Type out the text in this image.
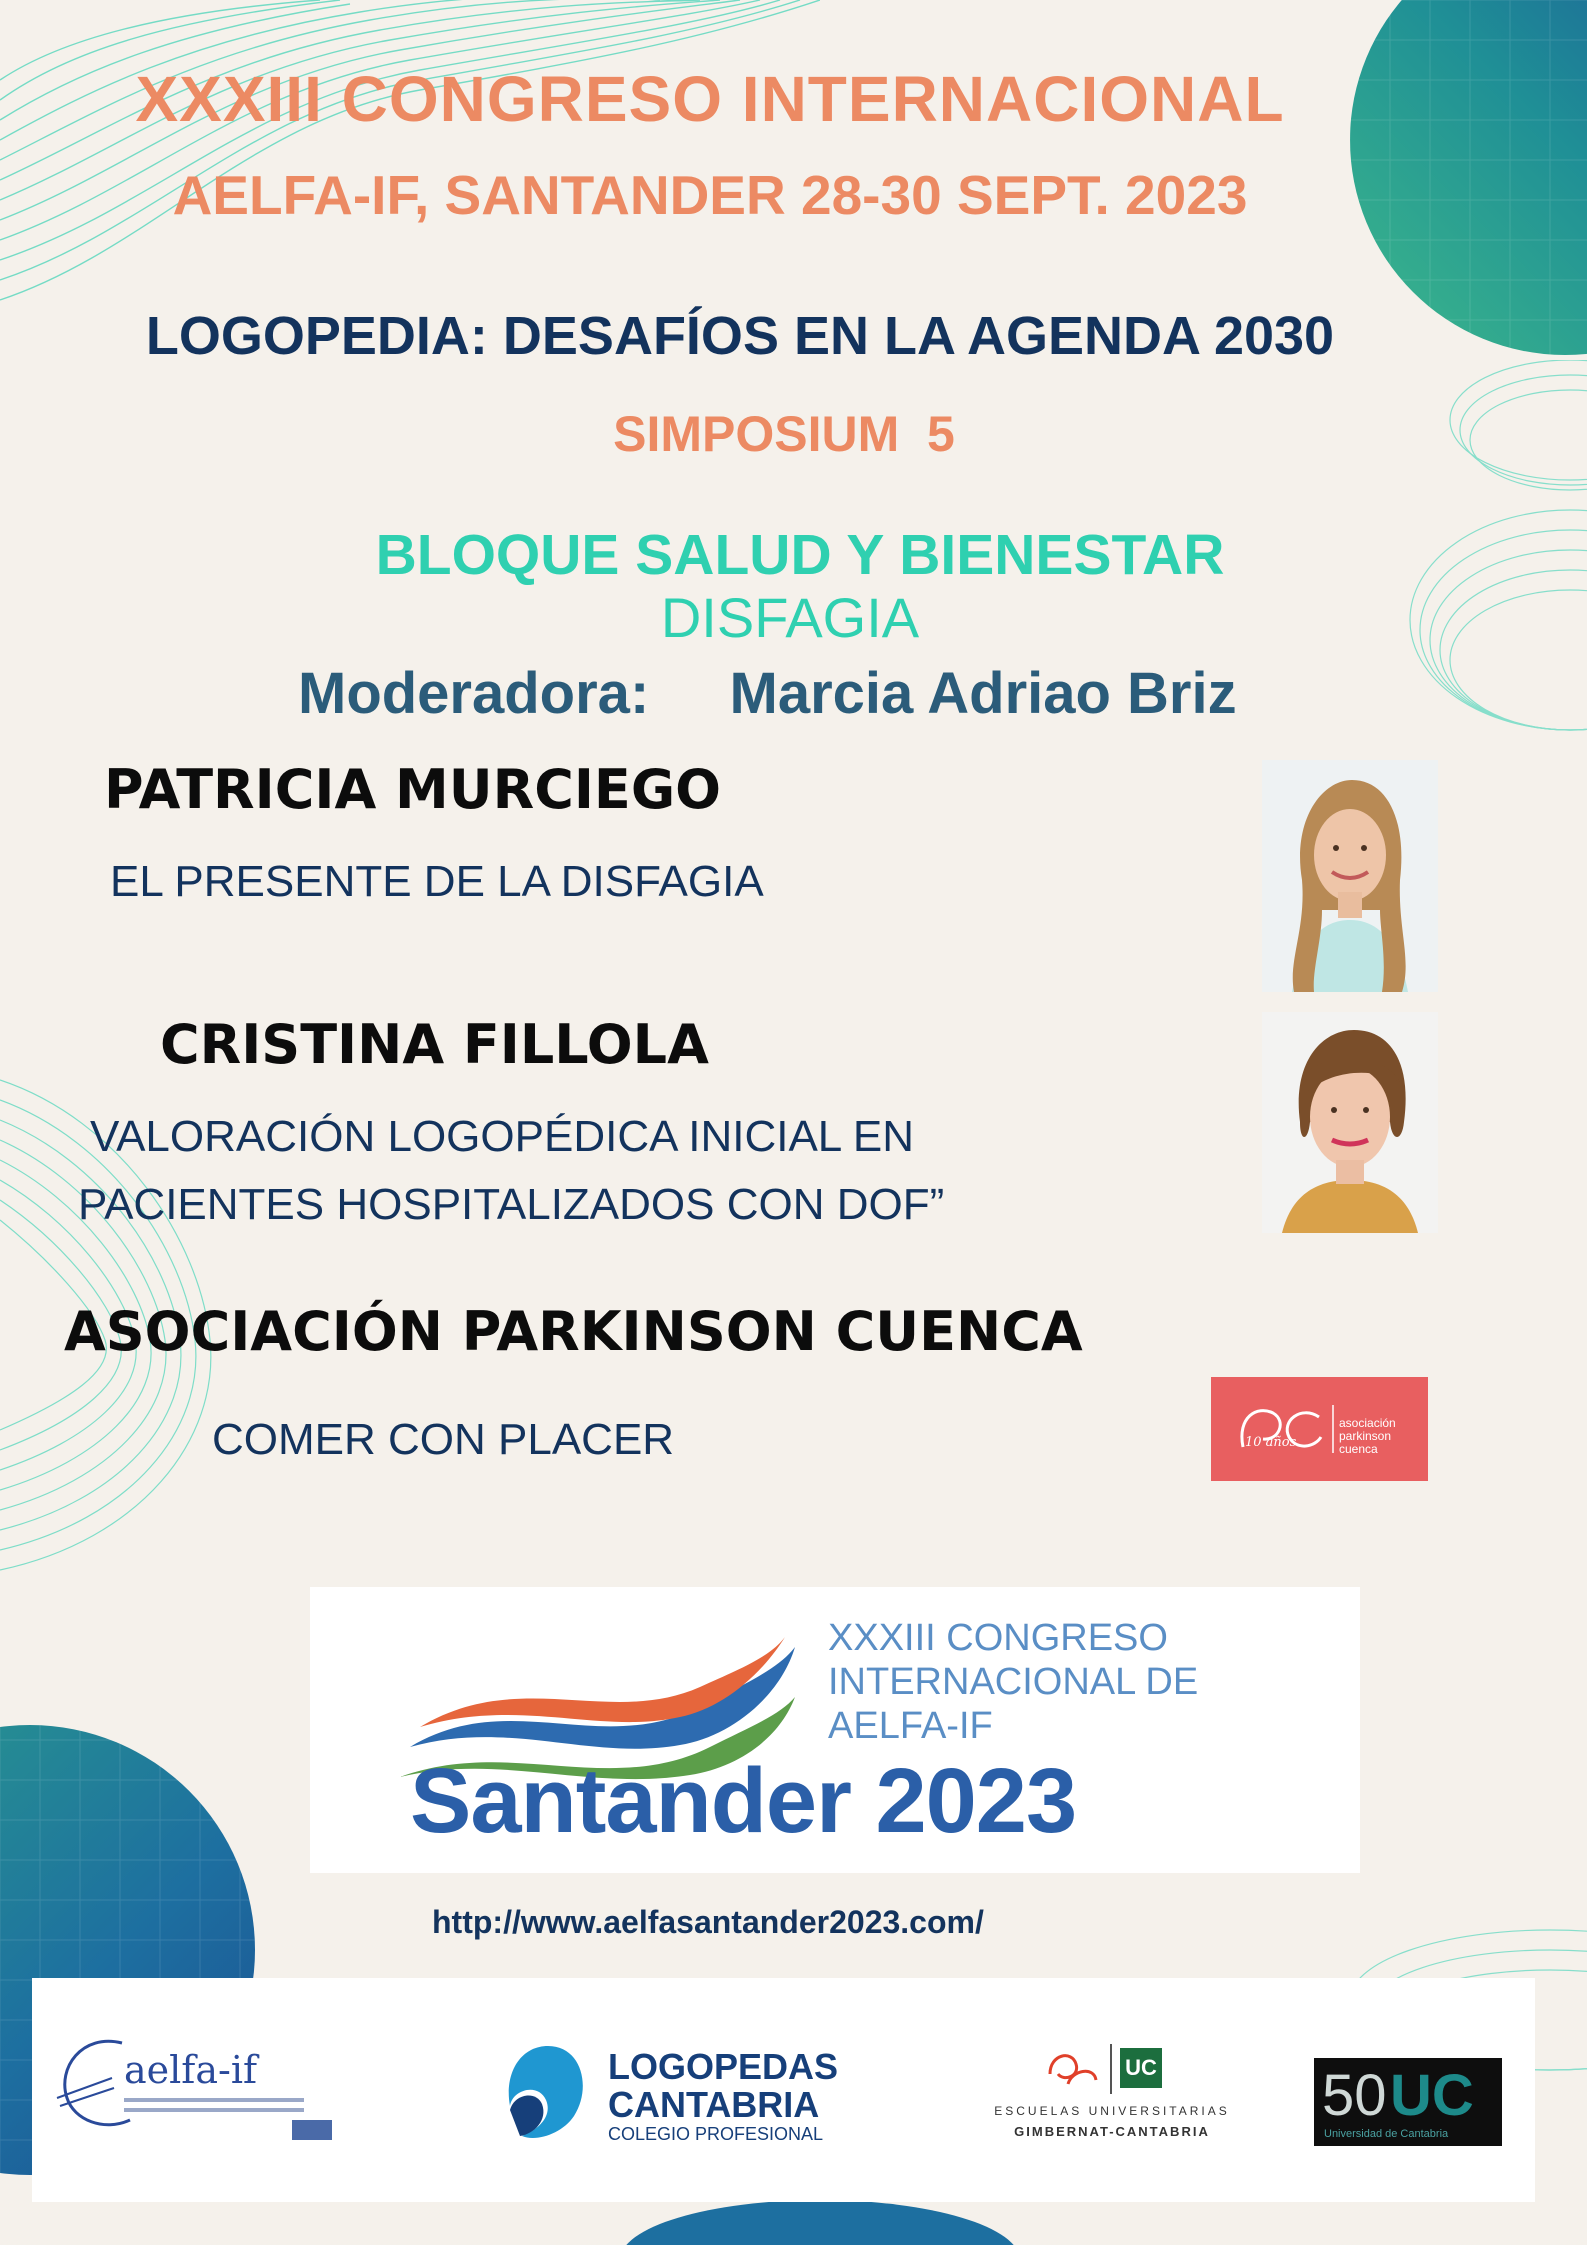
XXXIII CONGRESO INTERNACIONAL
AELFA-IF, SANTANDER 28-30 SEPT. 2023
LOGOPEDIA: DESAFÍOS EN LA AGENDA 2030
SIMPOSIUM  5
BLOQUE SALUD Y BIENESTAR
DISFAGIA
Moderadora: Marcia Adriao Briz
PATRICIA MURCIEGO
EL PRESENTE DE LA DISFAGIA
CRISTINA FILLOLA
VALORACIÓN LOGOPÉDICA INICIAL EN
PACIENTES HOSPITALIZADOS CON DOF”
ASOCIACIÓN PARKINSON CUENCA
COMER CON PLACER	10 años
asociación parkinson cuenca
XXXIII CONGRESO
INTERNACIONAL DE
AELFA-IF
Santander 2023
http://www.aelfasantander2023.com/
aelfa-if	LOGOPEDAS
CANTABRIA
COLEGIO PROFESIONAL
UC
ESCUELAS UNIVERSITARIAS
GIMBERNAT-CANTABRIA
50 UC
Universidad de Cantabria
